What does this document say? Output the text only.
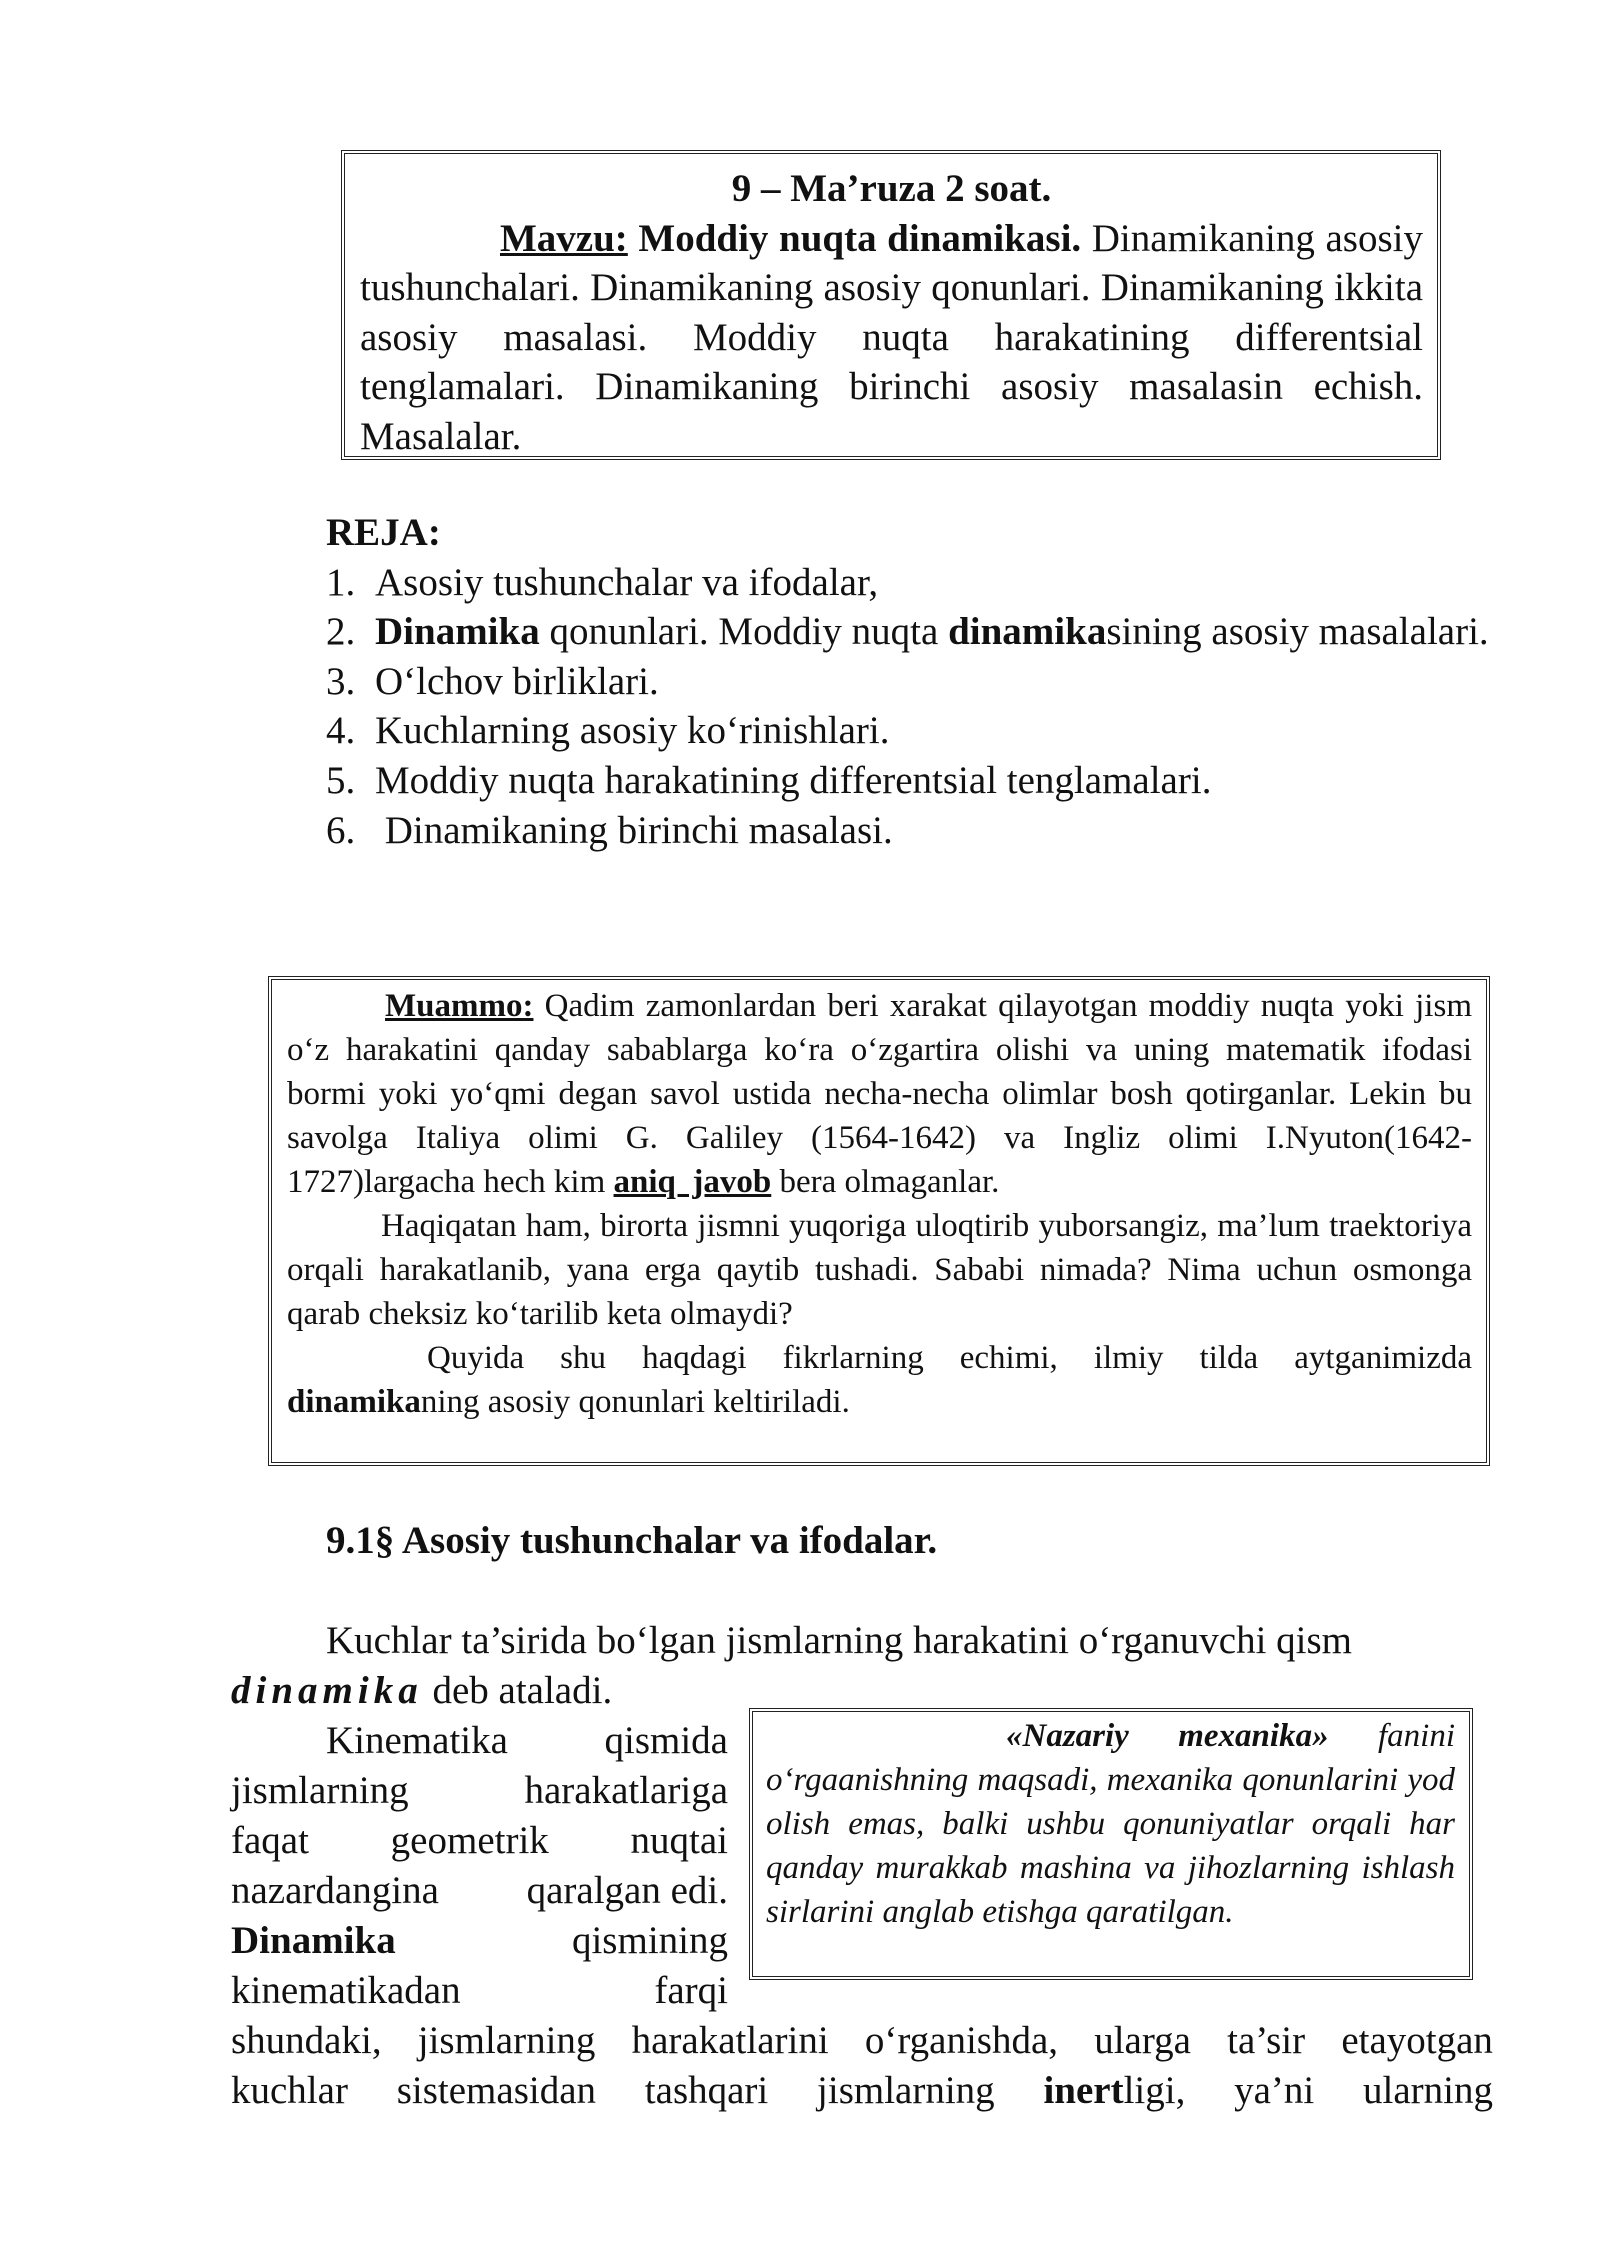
9 – Ma’ruza 2 soat.
Mavzu: Moddiy nuqta dinamikasi. Dinamikaning asosiy tushunchalari. Dinamikaning asosiy qonunlari. Dinamikaning ikkita asosiy masalasi. Moddiy nuqta harakatining differentsial tenglamalari. Dinamikaning birinchi asosiy masalasin echish. Masalalar.
REJA:
1. Asosiy tushunchalar va ifodalar,
2. Dinamika qonunlari. Moddiy nuqta dinamikasining asosiy masalalari.
3. O‘lchov birliklari.
4. Kuchlarning asosiy ko‘rinishlari.
5. Moddiy nuqta harakatining differentsial tenglamalari.
6. Dinamikaning birinchi masalasi.
Muammo: Qadim zamonlardan beri xarakat qilayotgan moddiy nuqta yoki jism o‘z harakatini qanday sabablarga ko‘ra o‘zgartira olishi va uning matematik ifodasi bormi yoki yo‘qmi degan savol ustida necha-necha olimlar bosh qotirganlar. Lekin bu savolga Italiya olimi G. Galiley (1564-1642) va Ingliz olimi I.Nyuton(1642-1727)largacha hech kim aniq  javob bera olmaganlar.
Haqiqatan ham, birorta jismni yuqoriga uloqtirib yuborsangiz, ma’lum traektoriya orqali harakatlanib, yana erga qaytib tushadi. Sababi nimada? Nima uchun osmonga qarab cheksiz ko‘tarilib keta olmaydi?
Quyida shu haqdagi fikrlarning echimi, ilmiy tilda aytganimizda dinamikaning asosiy qonunlari keltiriladi.
9.1§ Asosiy tushunchalar va ifodalar.
Kuchlar ta’sirida bo‘lgan jismlarning harakatini o‘rganuvchi qism
dinamika deb ataladi.
Kinematika qismida
jismlarning	harakatlariga
faqat geometrik nuqtai
nazardangina qaralgan edi.
Dinamika	qismining
kinematikadan	farqi
«Nazariy mexanika» fanini o‘rgaanishning maqsadi, mexanika qonunlarini yod olish emas, balki ushbu qonuniyatlar orqali har qanday murakkab mashina va jihozlarning ishlash sirlarini anglab etishga qaratilgan.
shundaki, jismlarning harakatlarini o‘rganishda, ularga ta’sir etayotgan
kuchlar sistemasidan tashqari jismlarning inertligi, ya’ni ularning
